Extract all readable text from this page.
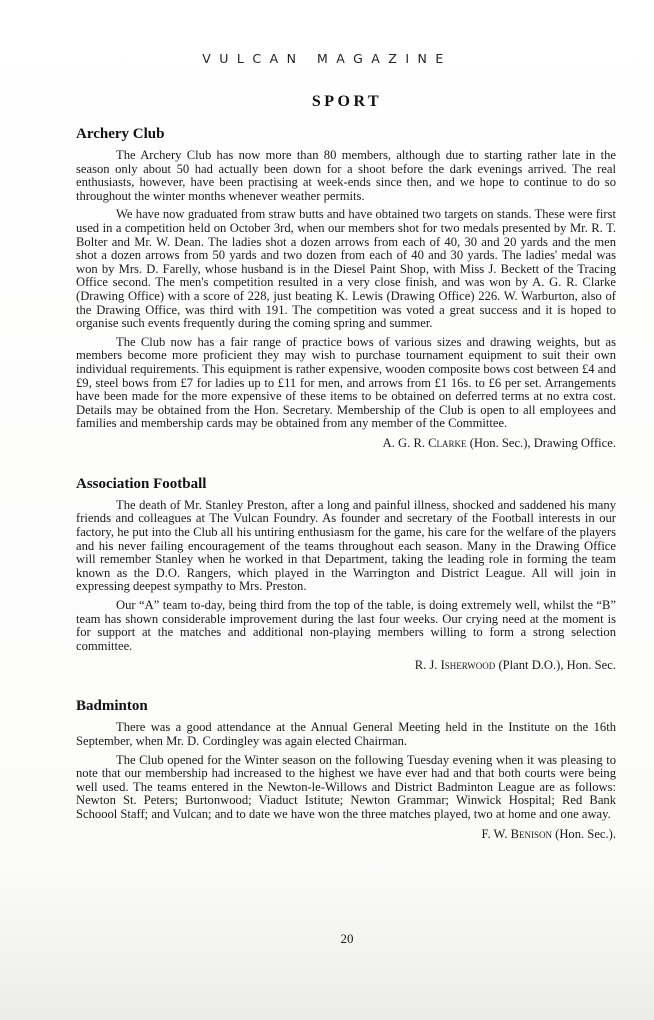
VULCAN MAGAZINE
SPORT
Archery Club

The Archery Club has now more than 80 members, although due to starting rather late in the season only about 50 had actually been down for a shoot before the dark evenings arrived. The real enthusiasts, however, have been practising at week-ends since then, and we hope to continue to do so throughout the winter months whenever weather permits.

We have now graduated from straw butts and have obtained two targets on stands. These were first used in a competition held on October 3rd, when our members shot for two medals presented by Mr. R. T. Bolter and Mr. W. Dean. The ladies shot a dozen arrows from each of 40, 30 and 20 yards and the men shot a dozen arrows from 50 yards and two dozen from each of 40 and 30 yards. The ladies' medal was won by Mrs. D. Farelly, whose husband is in the Diesel Paint Shop, with Miss J. Beckett of the Tracing Office second. The men's competition resulted in a very close finish, and was won by A. G. R. Clarke (Drawing Office) with a score of 228, just beating K. Lewis (Drawing Office) 226. W. Warburton, also of the Drawing Office, was third with 191. The competition was voted a great success and it is hoped to organise such events frequently during the coming spring and summer.

The Club now has a fair range of practice bows of various sizes and drawing weights, but as members become more proficient they may wish to purchase tournament equipment to suit their own individual requirements. This equipment is rather expensive, wooden composite bows cost between £4 and £9, steel bows from £7 for ladies up to £11 for men, and arrows from £1 16s. to £6 per set. Arrangements have been made for the more expensive of these items to be obtained on deferred terms at no extra cost. Details may be obtained from the Hon. Secretary. Membership of the Club is open to all employees and families and membership cards may be obtained from any member of the Committee.

A. G. R. Clarke (Hon. Sec.), Drawing Office.

Association Football

The death of Mr. Stanley Preston, after a long and painful illness, shocked and saddened his many friends and colleagues at The Vulcan Foundry. As founder and secretary of the Football interests in our factory, he put into the Club all his untiring enthusiasm for the game, his care for the welfare of the players and his never failing encouragement of the teams throughout each season. Many in the Drawing Office will remember Stanley when he worked in that Department, taking the leading role in forming the team known as the D.O. Rangers, which played in the Warrington and District League. All will join in expressing deepest sympathy to Mrs. Preston.

Our “A” team to-day, being third from the top of the table, is doing extremely well, whilst the “B” team has shown considerable improvement during the last four weeks. Our crying need at the moment is for support at the matches and additional non-playing members willing to form a strong selection committee.

R. J. Isherwood (Plant D.O.), Hon. Sec.

Badminton

There was a good attendance at the Annual General Meeting held in the Institute on the 16th September, when Mr. D. Cordingley was again elected Chairman.

The Club opened for the Winter season on the following Tuesday evening when it was pleasing to note that our membership had increased to the highest we have ever had and that both courts were being well used. The teams entered in the Newton-le-Willows and District Badminton League are as follows: Newton St. Peters; Burtonwood; Viaduct Istitute; Newton Grammar; Winwick Hospital; Red Bank Schoool Staff; and Vulcan; and to date we have won the three matches played, two at home and one away.

F. W. Benison (Hon. Sec.).

20
